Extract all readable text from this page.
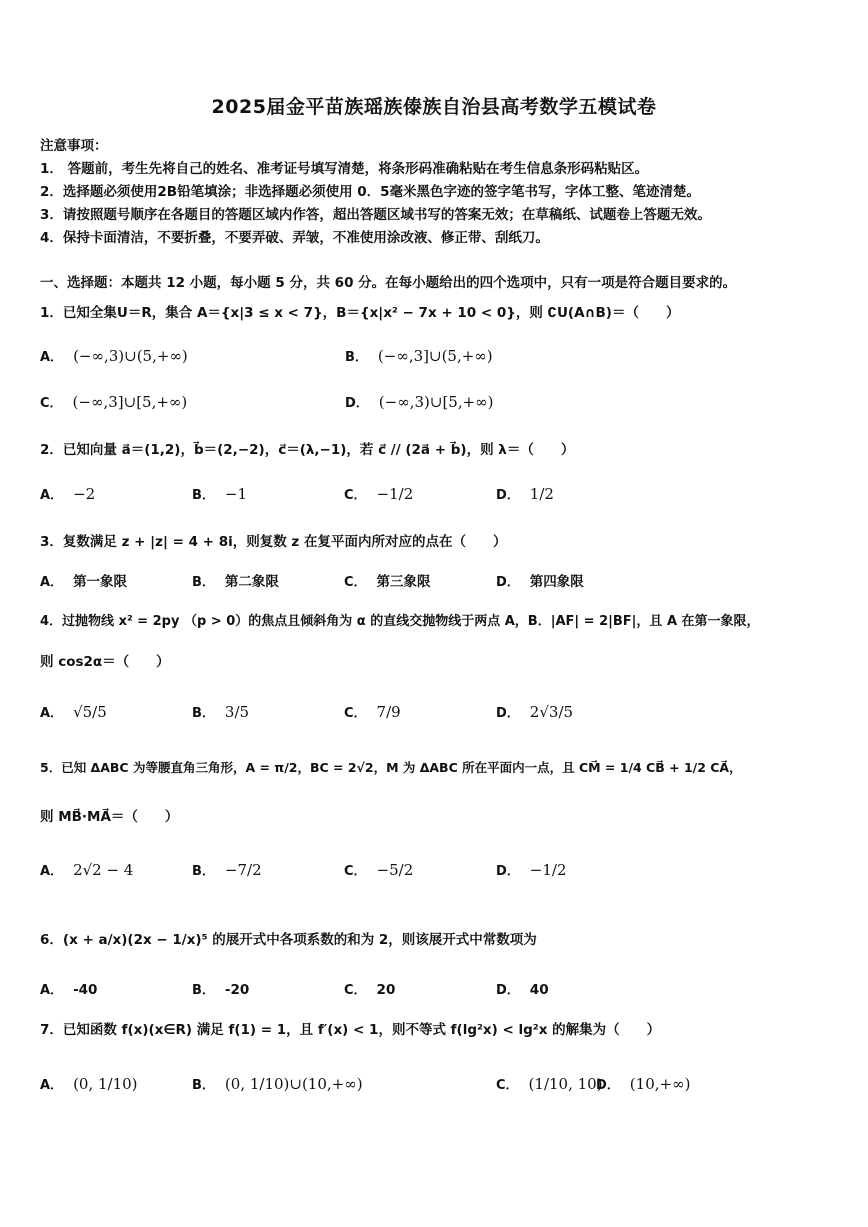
2025届金平苗族瑶族傣族自治县高考数学五模试卷
注意事项：
1． 答题前，考生先将自己的姓名、准考证号填写清楚，将条形码准确粘贴在考生信息条形码粘贴区。
2．选择题必须使用2B铅笔填涂；非选择题必须使用 0．5毫米黑色字迹的签字笔书写，字体工整、笔迹清楚。
3．请按照题号顺序在各题目的答题区域内作答，超出答题区域书写的答案无效；在草稿纸、试题卷上答题无效。
4．保持卡面清洁，不要折叠，不要弄破、弄皱，不准使用涂改液、修正带、刮纸刀。
一、选择题：本题共 12 小题，每小题 5 分，共 60 分。在每小题给出的四个选项中，只有一项是符合题目要求的。
1．已知全集U＝R，集合 A＝{x|3 ≤ x < 7}，B＝{x|x² − 7x + 10 < 0}，则 ∁U(A∩B)＝（　　）
A． (−∞,3)∪(5,+∞)	B． (−∞,3]∪(5,+∞)
C． (−∞,3]∪[5,+∞)	D． (−∞,3)∪[5,+∞)
2．已知向量 a⃗＝(1,2)，b⃗＝(2,−2)，c⃗＝(λ,−1)，若 c⃗ // (2a⃗ + b⃗)，则 λ＝（　　）
A． −2	B． −1	C． −1/2	D． 1/2
3．复数满足 z + |z| = 4 + 8i，则复数 z 在复平面内所对应的点在（　　）
A． 第一象限	B． 第二象限	C． 第三象限	D． 第四象限
4．过抛物线 x² = 2py （p > 0）的焦点且倾斜角为 α 的直线交抛物线于两点 A，B．|AF| = 2|BF|，且 A 在第一象限，
则 cos2α＝（　　）
A． √5/5	B． 3/5	C． 7/9	D． 2√3/5
5．已知 ΔABC 为等腰直角三角形，A = π/2，BC = 2√2，M 为 ΔABC 所在平面内一点，且 CM⃗ = 1/4 CB⃗ + 1/2 CA⃗，
则 MB⃗·MA⃗＝（　　）
A． 2√2 − 4	B． −7/2	C． −5/2	D． −1/2
6．(x + a/x)(2x − 1/x)⁵ 的展开式中各项系数的和为 2，则该展开式中常数项为
A． -40	B． -20	C． 20	D． 40
7．已知函数 f(x)(x∈R) 满足 f(1) = 1，且 f′(x) < 1，则不等式 f(lg²x) < lg²x 的解集为（　　）
A． (0, 1/10)	B． (0, 1/10)∪(10,+∞)	C． (1/10, 10)
D． (10,+∞)
